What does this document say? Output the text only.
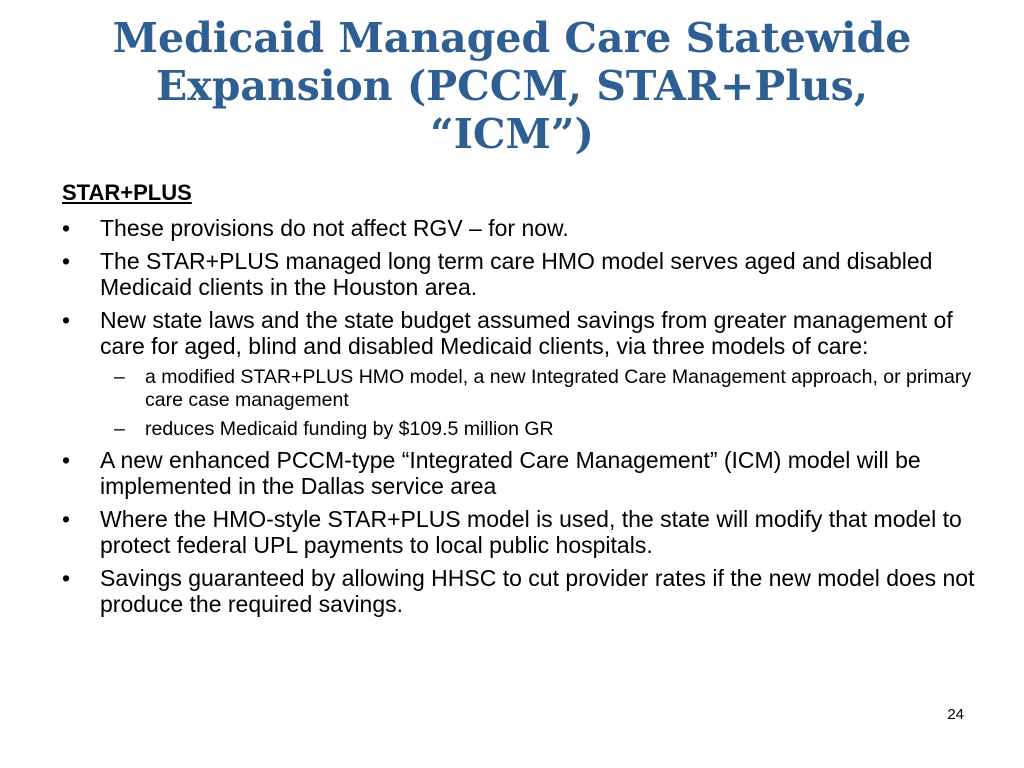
Medicaid Managed Care Statewide
Expansion (PCCM, STAR+Plus,
“ICM”)
STAR+PLUS
• These provisions do not affect RGV – for now.
• The STAR+PLUS managed long term care HMO model serves aged and disabled Medicaid clients in the Houston area.
• New state laws and the state budget assumed savings from greater management of care for aged, blind and disabled Medicaid clients, via three models of care:
– a modified STAR+PLUS HMO model, a new Integrated Care Management approach, or primary care case management
– reduces Medicaid funding by $109.5 million GR
• A new enhanced PCCM-type “Integrated Care Management” (ICM) model will be implemented in the Dallas service area
• Where the HMO-style STAR+PLUS model is used, the state will modify that model to protect federal UPL payments to local public hospitals.
• Savings guaranteed by allowing HHSC to cut provider rates if the new model does not produce the required savings.
24
